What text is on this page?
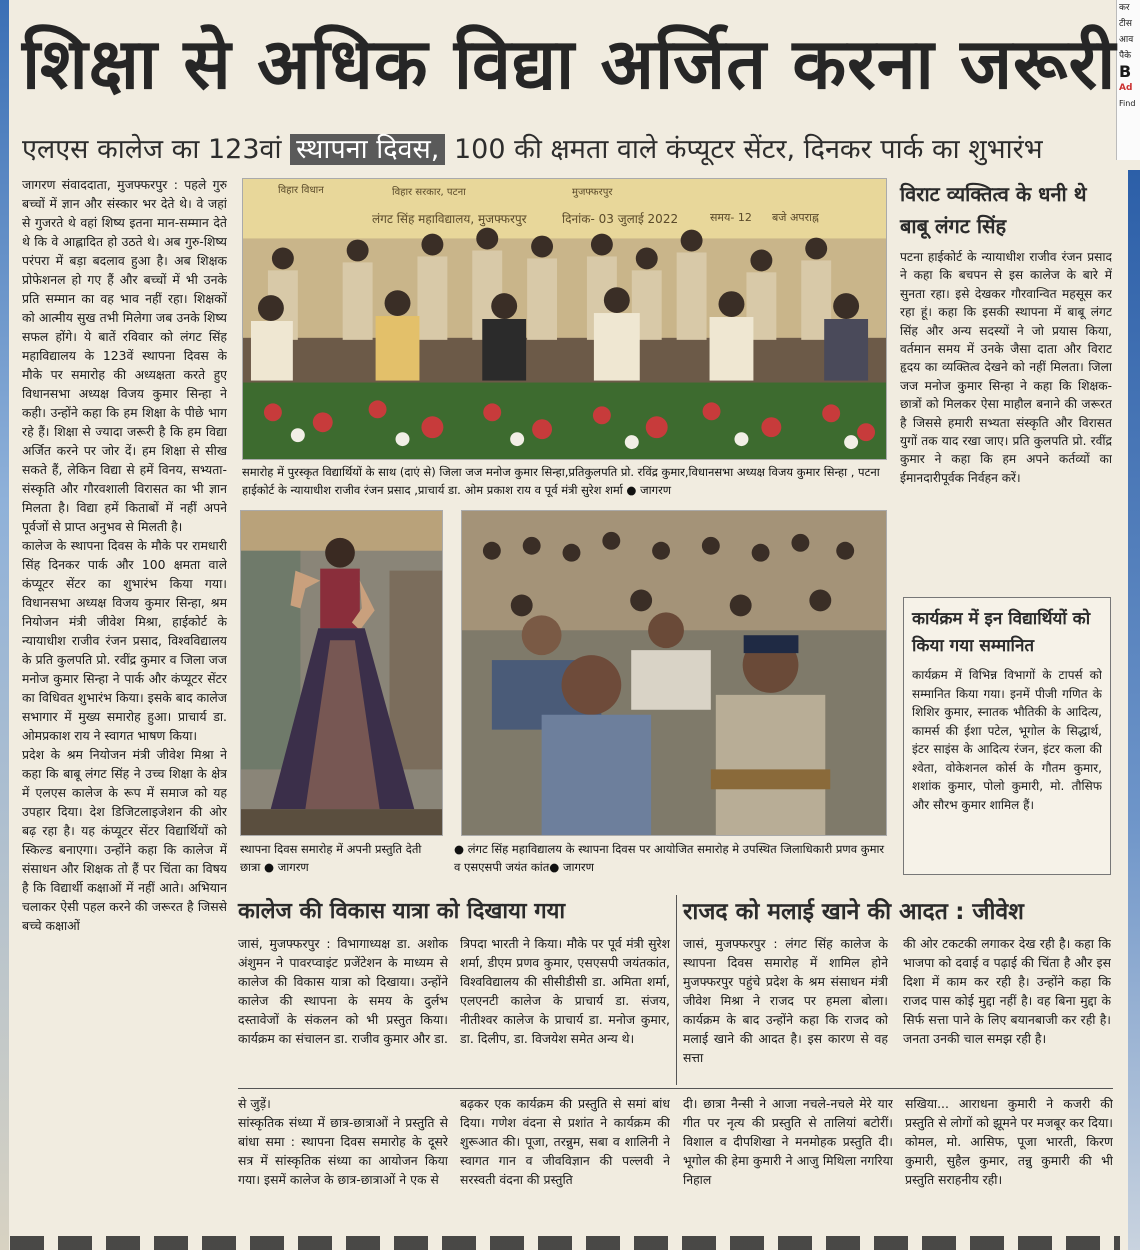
कर
टीस
आव
पैके
B
Ad
Find
शिक्षा से अधिक विद्या अर्जित करना जरूरी
एलएस कालेज का 123वां स्थापना दिवस, 100 की क्षमता वाले कंप्यूटर सेंटर, दिनकर पार्क का शुभारंभ
जागरण संवाददाता, मुजफ्फरपुर : पहले गुरु बच्चों में ज्ञान और संस्कार भर देते थे। वे जहां से गुजरते थे वहां शिष्य इतना मान-सम्मान देते थे कि वे आह्लादित हो उठते थे। अब गुरु-शिष्य परंपरा में बड़ा बदलाव हुआ है। अब शिक्षक प्रोफेशनल हो गए हैं और बच्चों में भी उनके प्रति सम्मान का वह भाव नहीं रहा। शिक्षकों को आत्मीय सुख तभी मिलेगा जब उनके शिष्य सफल होंगे। ये बातें रविवार को लंगट सिंह महाविद्यालय के 123वें स्थापना दिवस के मौके पर समारोह की अध्यक्षता करते हुए विधानसभा अध्यक्ष विजय कुमार सिन्हा ने कही। उन्होंने कहा कि हम शिक्षा के पीछे भाग रहे हैं। शिक्षा से ज्यादा जरूरी है कि हम विद्या अर्जित करने पर जोर दें। हम शिक्षा से सीख सकते हैं, लेकिन विद्या से हमें विनय, सभ्यता-संस्कृति और गौरवशाली विरासत का भी ज्ञान मिलता है। विद्या हमें किताबों में नहीं अपने पूर्वजों से प्राप्त अनुभव से मिलती है।
कालेज के स्थापना दिवस के मौके पर रामधारी सिंह दिनकर पार्क और 100 क्षमता वाले कंप्यूटर सेंटर का शुभारंभ किया गया। विधानसभा अध्यक्ष विजय कुमार सिन्हा, श्रम नियोजन मंत्री जीवेश मिश्रा, हाईकोर्ट के न्यायाधीश राजीव रंजन प्रसाद, विश्वविद्यालय के प्रति कुलपति प्रो. रवींद्र कुमार व जिला जज मनोज कुमार सिन्हा ने पार्क और कंप्यूटर सेंटर का विधिवत शुभारंभ किया। इसके बाद कालेज सभागार में मुख्य समारोह हुआ। प्राचार्य डा. ओमप्रकाश राय ने स्वागत भाषण किया।
प्रदेश के श्रम नियोजन मंत्री जीवेश मिश्रा ने कहा कि बाबू लंगट सिंह ने उच्च शिक्षा के क्षेत्र में एलएस कालेज के रूप में समाज को यह उपहार दिया। देश डिजिटलाइजेशन की ओर बढ़ रहा है। यह कंप्यूटर सेंटर विद्यार्थियों को स्किल्ड बनाएगा। उन्होंने कहा कि कालेज में संसाधन और शिक्षक तो हैं पर चिंता का विषय है कि विद्यार्थी कक्षाओं में नहीं आते। अभियान चलाकर ऐसी पहल करने की जरूरत है जिससे बच्चे कक्षाओं
विहार विधान	विहार सरकार, पटना	मुजफ्फरपुर
लंगट सिंह महाविद्यालय, मुजफ्फरपुर	दिनांक- 03 जुलाई 2022	समय- 12 बजे अपराह्न
समारोह में पुरस्कृत विद्यार्थियों के साथ (दाएं से) जिला जज मनोज कुमार सिन्हा,प्रतिकुलपति प्रो. रविंद्र कुमार,विधानसभा अध्यक्ष विजय कुमार सिन्हा , पटना हाईकोर्ट के न्यायाधीश राजीव रंजन प्रसाद ,प्राचार्य डा. ओम प्रकाश राय व पूर्व मंत्री सुरेश शर्मा ● जागरण
स्थापना दिवस समारोह में अपनी प्रस्तुति देती छात्रा ● जागरण
● लंगट सिंह महाविद्यालय के स्थापना दिवस पर आयोजित समारोह मे उपस्थित जिलाधिकारी प्रणव कुमार व एसएसपी जयंत कांत● जागरण
विराट व्यक्तित्व के धनी थे बाबू लंगट सिंह
पटना हाईकोर्ट के न्यायाधीश राजीव रंजन प्रसाद ने कहा कि बचपन से इस कालेज के बारे में सुनता रहा। इसे देखकर गौरवान्वित महसूस कर रहा हूं। कहा कि इसकी स्थापना में बाबू लंगट सिंह और अन्य सदस्यों ने जो प्रयास किया, वर्तमान समय में उनके जैसा दाता और विराट हृदय का व्यक्तित्व देखने को नहीं मिलता। जिला जज मनोज कुमार सिन्हा ने कहा कि शिक्षक-छात्रों को मिलकर ऐसा माहौल बनाने की जरूरत है जिससे हमारी सभ्यता संस्कृति और विरासत युगों तक याद रखा जाए। प्रति कुलपति प्रो. रवींद्र कुमार ने कहा कि हम अपने कर्तव्यों का ईमानदारीपूर्वक निर्वहन करें।
कार्यक्रम में इन विद्यार्थियों को किया गया सम्मानित
कार्यक्रम में विभिन्न विभागों के टापर्स को सम्मानित किया गया। इनमें पीजी गणित के शिशिर कुमार, स्नातक भौतिकी के आदित्य, कामर्स की ईशा पटेल, भूगोल के सिद्धार्थ, इंटर साइंस के आदित्य रंजन, इंटर कला की श्वेता, वोकेशनल कोर्स के गौतम कुमार, शशांक कुमार, पोलो कुमारी, मो. तौसिफ और सौरभ कुमार शामिल हैं।
कालेज की विकास यात्रा को दिखाया गया
जासं, मुजफ्फरपुर : विभागाध्यक्ष डा. अशोक अंशुमन ने पावरप्वाइंट प्रजेंटेशन के माध्यम से कालेज की विकास यात्रा को दिखाया। उन्होंने कालेज की स्थापना के समय के दुर्लभ दस्तावेजों के संकलन को भी प्रस्तुत किया। कार्यक्रम का संचालन डा. राजीव कुमार और डा.
त्रिपदा भारती ने किया। मौके पर पूर्व मंत्री सुरेश शर्मा, डीएम प्रणव कुमार, एसएसपी जयंतकांत, विश्वविद्यालय की सीसीडीसी डा. अमिता शर्मा, एलएनटी कालेज के प्राचार्य डा. संजय, नीतीश्वर कालेज के प्राचार्य डा. मनोज कुमार, डा. दिलीप, डा. विजयेश समेत अन्य थे।
राजद को मलाई खाने की आदत : जीवेश
जासं, मुजफ्फरपुर : लंगट सिंह कालेज के स्थापना दिवस समारोह में शामिल होने मुजफ्फरपुर पहुंचे प्रदेश के श्रम संसाधन मंत्री जीवेश मिश्रा ने राजद पर हमला बोला। कार्यक्रम के बाद उन्होंने कहा कि राजद को मलाई खाने की आदत है। इस कारण से वह सत्ता
की ओर टकटकी लगाकर देख रही है। कहा कि भाजपा को दवाई व पढ़ाई की चिंता है और इस दिशा में काम कर रही है। उन्होंने कहा कि राजद पास कोई मुद्दा नहीं है। वह बिना मुद्दा के सिर्फ सत्ता पाने के लिए बयानबाजी कर रही है। जनता उनकी चाल समझ रही है।
से जुड़ें।
सांस्कृतिक संध्या में छात्र-छात्राओं ने प्रस्तुति से बांधा समा : स्थापना दिवस समारोह के दूसरे सत्र में सांस्कृतिक संध्या का आयोजन किया गया। इसमें कालेज के छात्र-छात्राओं ने एक से
बढ़कर एक कार्यक्रम की प्रस्तुति से समां बांध दिया। गणेश वंदना से प्रशांत ने कार्यक्रम की शुरूआत की। पूजा, तरन्नुम, सबा व शालिनी ने स्वागत गान व जीवविज्ञान की पल्लवी ने सरस्वती वंदना की प्रस्तुति
दी। छात्रा नैन्सी ने आजा नचले-नचले मेरे यार गीत पर नृत्य की प्रस्तुति से तालियां बटोरीं। विशाल व दीपशिखा ने मनमोहक प्रस्तुति दी। भूगोल की हेमा कुमारी ने आजु मिथिला नगरिया निहाल
सखिया... आराधना कुमारी ने कजरी की प्रस्तुति से लोगों को झूमने पर मजबूर कर दिया। कोमल, मो. आसिफ, पूजा भारती, किरण कुमारी, सुहैल कुमार, तन्नु कुमारी की भी प्रस्तुति सराहनीय रही।
